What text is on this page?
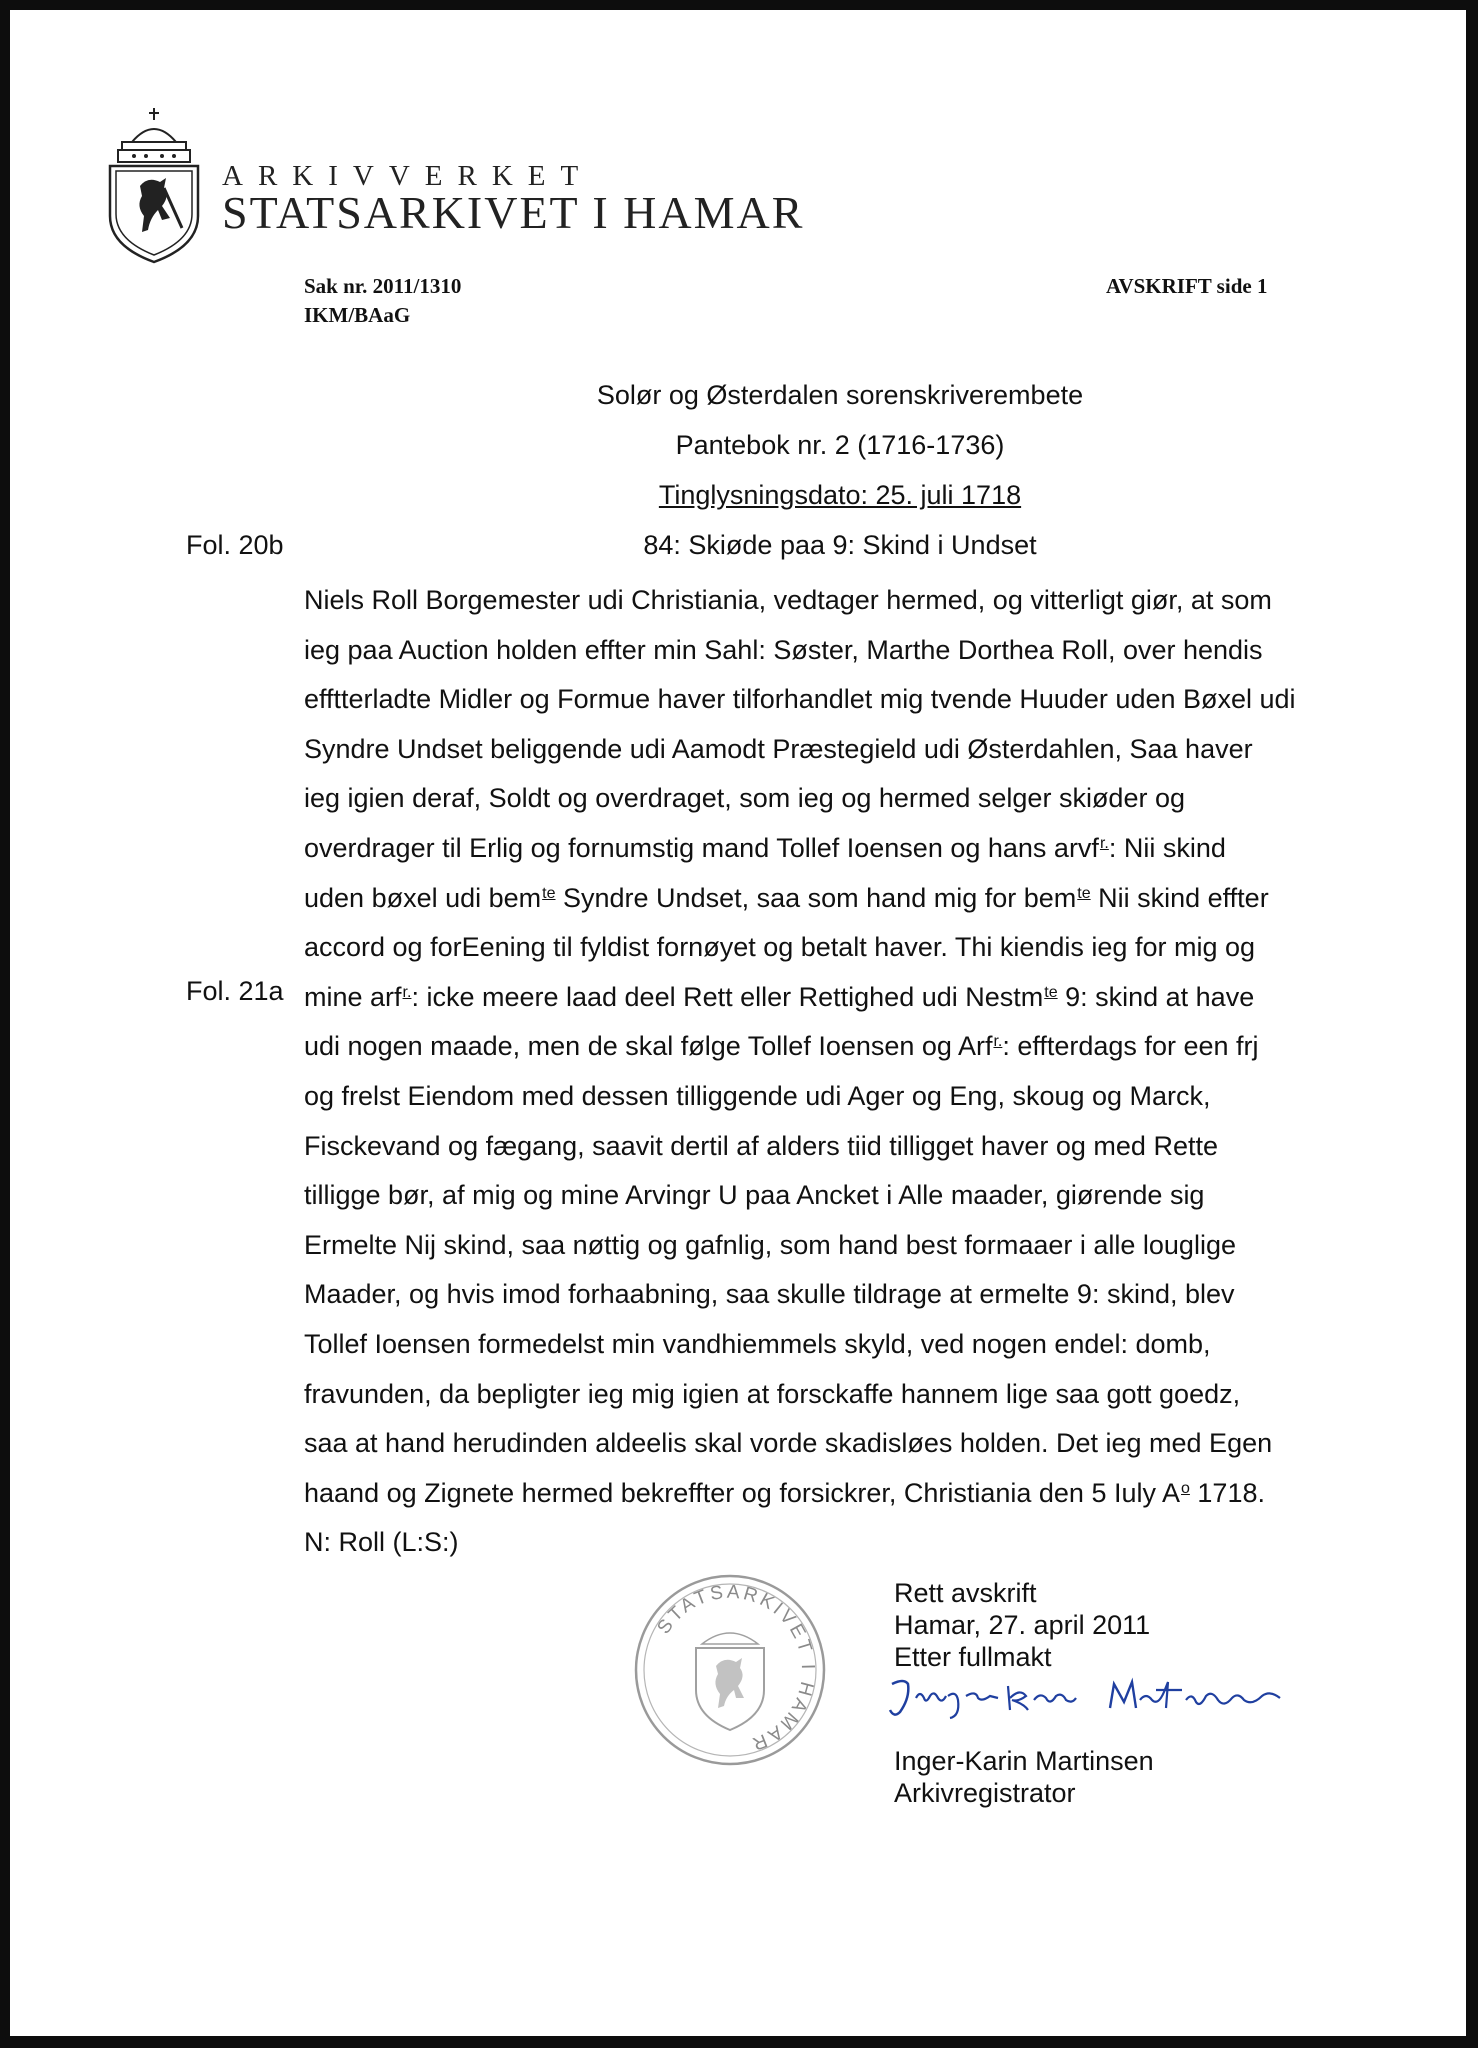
ARKIVVERKET
STATSARKIVET I HAMAR
Sak nr. 2011/1310
IKM/BAaG
AVSKRIFT side 1
Solør og Østerdalen sorenskriverembete
Pantebok nr. 2 (1716-1736)
Tinglysningsdato: 25. juli 1718
84: Skiøde paa 9: Skind i Undset
Fol. 20b
Fol. 21a
Niels Roll Borgemester udi Christiania, vedtager hermed, og vitterligt giør, at som
ieg paa Auction holden effter min Sahl: Søster, Marthe Dorthea Roll, over hendis
efftterladte Midler og Formue haver tilforhandlet mig tvende Huuder uden Bøxel udi
Syndre Undset beliggende udi Aamodt Præstegield udi Østerdahlen, Saa haver
ieg igien deraf, Soldt og overdraget, som ieg og hermed selger skiøder og
overdrager til Erlig og fornumstig mand Tollef Ioensen og hans arvf$^{r.}$: Nii skind
uden bøxel udi bem$^{te}$ Syndre Undset, saa som hand mig for bem$^{te}$ Nii skind effter
accord og forEening til fyldist fornøyet og betalt haver. Thi kiendis ieg for mig og
mine arf$^{r.}$: icke meere laad deel Rett eller Rettighed udi Nestm$^{te}$ 9: skind at have
udi nogen maade, men de skal følge Tollef Ioensen og Arf$^{r.}$: effterdags for een frj
og frelst Eiendom med dessen tilliggende udi Ager og Eng, skoug og Marck,
Fisckevand og fægang, saavit dertil af alders tiid tilligget haver og med Rette
tilligge bør, af mig og mine Arvingr U paa Ancket i Alle maader, giørende sig
Ermelte Nij skind, saa nøttig og gafnlig, som hand best formaaer i alle louglige
Maader, og hvis imod forhaabning, saa skulle tildrage at ermelte 9: skind, blev
Tollef Ioensen formedelst min vandhiemmels skyld, ved nogen endel: domb,
fravunden, da bepligter ieg mig igien at forsckaffe hannem lige saa gott goedz,
saa at hand herudinden aldeelis skal vorde skadisløes holden. Det ieg med Egen
haand og Zignete hermed bekreffter og forsickrer, Christiania den 5 Iuly $A^o$ 1718.
N: Roll (L:S:)
Rett avskrift
Hamar, 27. april 2011
Etter fullmakt
Inger-Karin Martinsen
Arkivregistrator
STATSARKIVET I HAMAR
